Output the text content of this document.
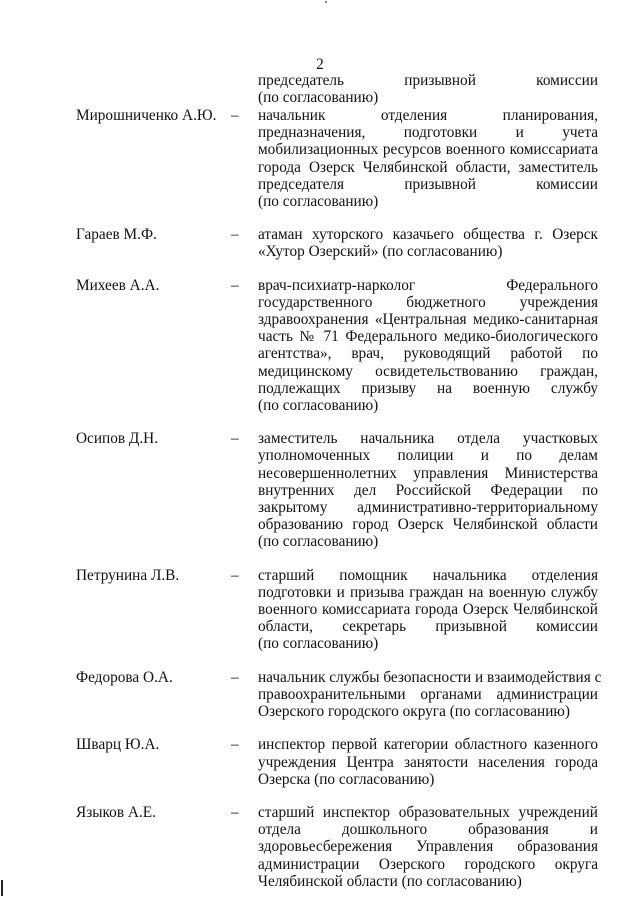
2
председатель призывной комиссии
(по согласованию)
Мирошниченко А.Ю. – начальник отделения планирования,
предназначения, подготовки и учета
мобилизационных ресурсов военного комиссариата
города Озерск Челябинской области, заместитель
председателя призывной комиссии
(по согласованию)
Гараев М.Ф.	– атаман хуторского казачьего общества г. Озерск
«Хутор Озерский» (по согласованию)
Михеев А.А.	– врач-психиатр-нарколог Федерального
государственного бюджетного учреждения
здравоохранения «Центральная медико-санитарная
часть № 71 Федерального медико-биологического
агентства», врач, руководящий работой по
медицинскому освидетельствованию граждан,
подлежащих призыву на военную службу
(по согласованию)
Осипов Д.Н.	– заместитель начальника отдела участковых
уполномоченных полиции и по делам
несовершеннолетних управления Министерства
внутренних дел Российской Федерации по
закрытому административно-территориальному
образованию город Озерск Челябинской области
(по согласованию)
Петрунина Л.В.	– старший помощник начальника отделения
подготовки и призыва граждан на военную службу
военного комиссариата города Озерск Челябинской
области, секретарь призывной комиссии
(по согласованию)
Федорова О.А.	– начальник службы безопасности и взаимодействия с
правоохранительными органами администрации
Озерского городского округа (по согласованию)
Шварц Ю.А.	– инспектор первой категории областного казенного
учреждения Центра занятости населения города
Озерска (по согласованию)
Языков А.Е.	– старший инспектор образовательных учреждений
отдела дошкольного образования и
здоровьесбережения Управления образования
администрации Озерского городского округа
Челябинской области (по согласованию)
